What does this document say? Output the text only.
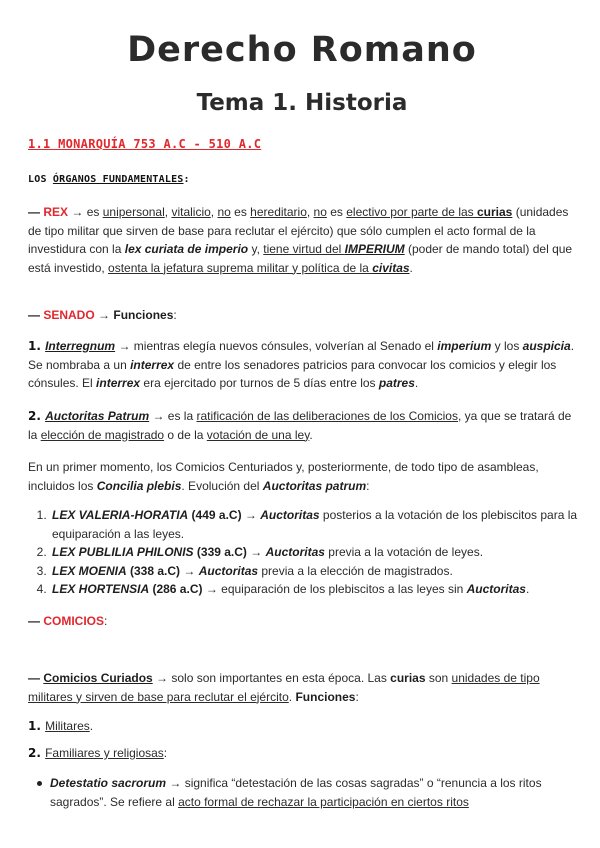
Derecho Romano
Tema 1. Historia
1.1 MONARQUÍA 753 A.C - 510 A.C
LOS ÓRGANOS FUNDAMENTALES:

— REX → es unipersonal, vitalicio, no es hereditario, no es electivo por parte de las curias (unidades de tipo militar que sirven de base para reclutar el ejército) que sólo cumplen el acto formal de la investidura con la lex curiata de imperio y, tiene virtud del IMPERIUM (poder de mando total) del que está investido, ostenta la jefatura suprema militar y política de la civitas.

— SENADO → Funciones:

1. Interregnum → mientras elegía nuevos cónsules, volverían al Senado el imperium y los auspicia. Se nombraba a un interrex de entre los senadores patricios para convocar los comicios y elegir los cónsules. El interrex era ejercitado por turnos de 5 días entre los patres.

2. Auctoritas Patrum → es la ratificación de las deliberaciones de los Comicios, ya que se tratará de la elección de magistrado o de la votación de una ley.

En un primer momento, los Comicios Centuriados y, posteriormente, de todo tipo de asambleas, incluidos los Concilia plebis. Evolución del Auctoritas patrum:

1. LEX VALERIA-HORATIA (449 a.C) → Auctoritas posterios a la votación de los plebiscitos para la equiparación a las leyes.
2. LEX PUBLILIA PHILONIS (339 a.C) → Auctoritas previa a la votación de leyes.
3. LEX MOENIA (338 a.C) → Auctoritas previa a la elección de magistrados.
4. LEX HORTENSIA (286 a.C) → equiparación de los plebiscitos a las leyes sin Auctoritas.

— COMICIOS:

— Comicios Curiados → solo son importantes en esta época. Las curias son unidades de tipo militares y sirven de base para reclutar el ejército. Funciones:

1. Militares.

2. Familiares y religiosas:

Detestatio sacrorum → significa “detestación de las cosas sagradas” o “renuncia a los ritos sagrados”. Se refiere al acto formal de rechazar la participación en ciertos ritos
